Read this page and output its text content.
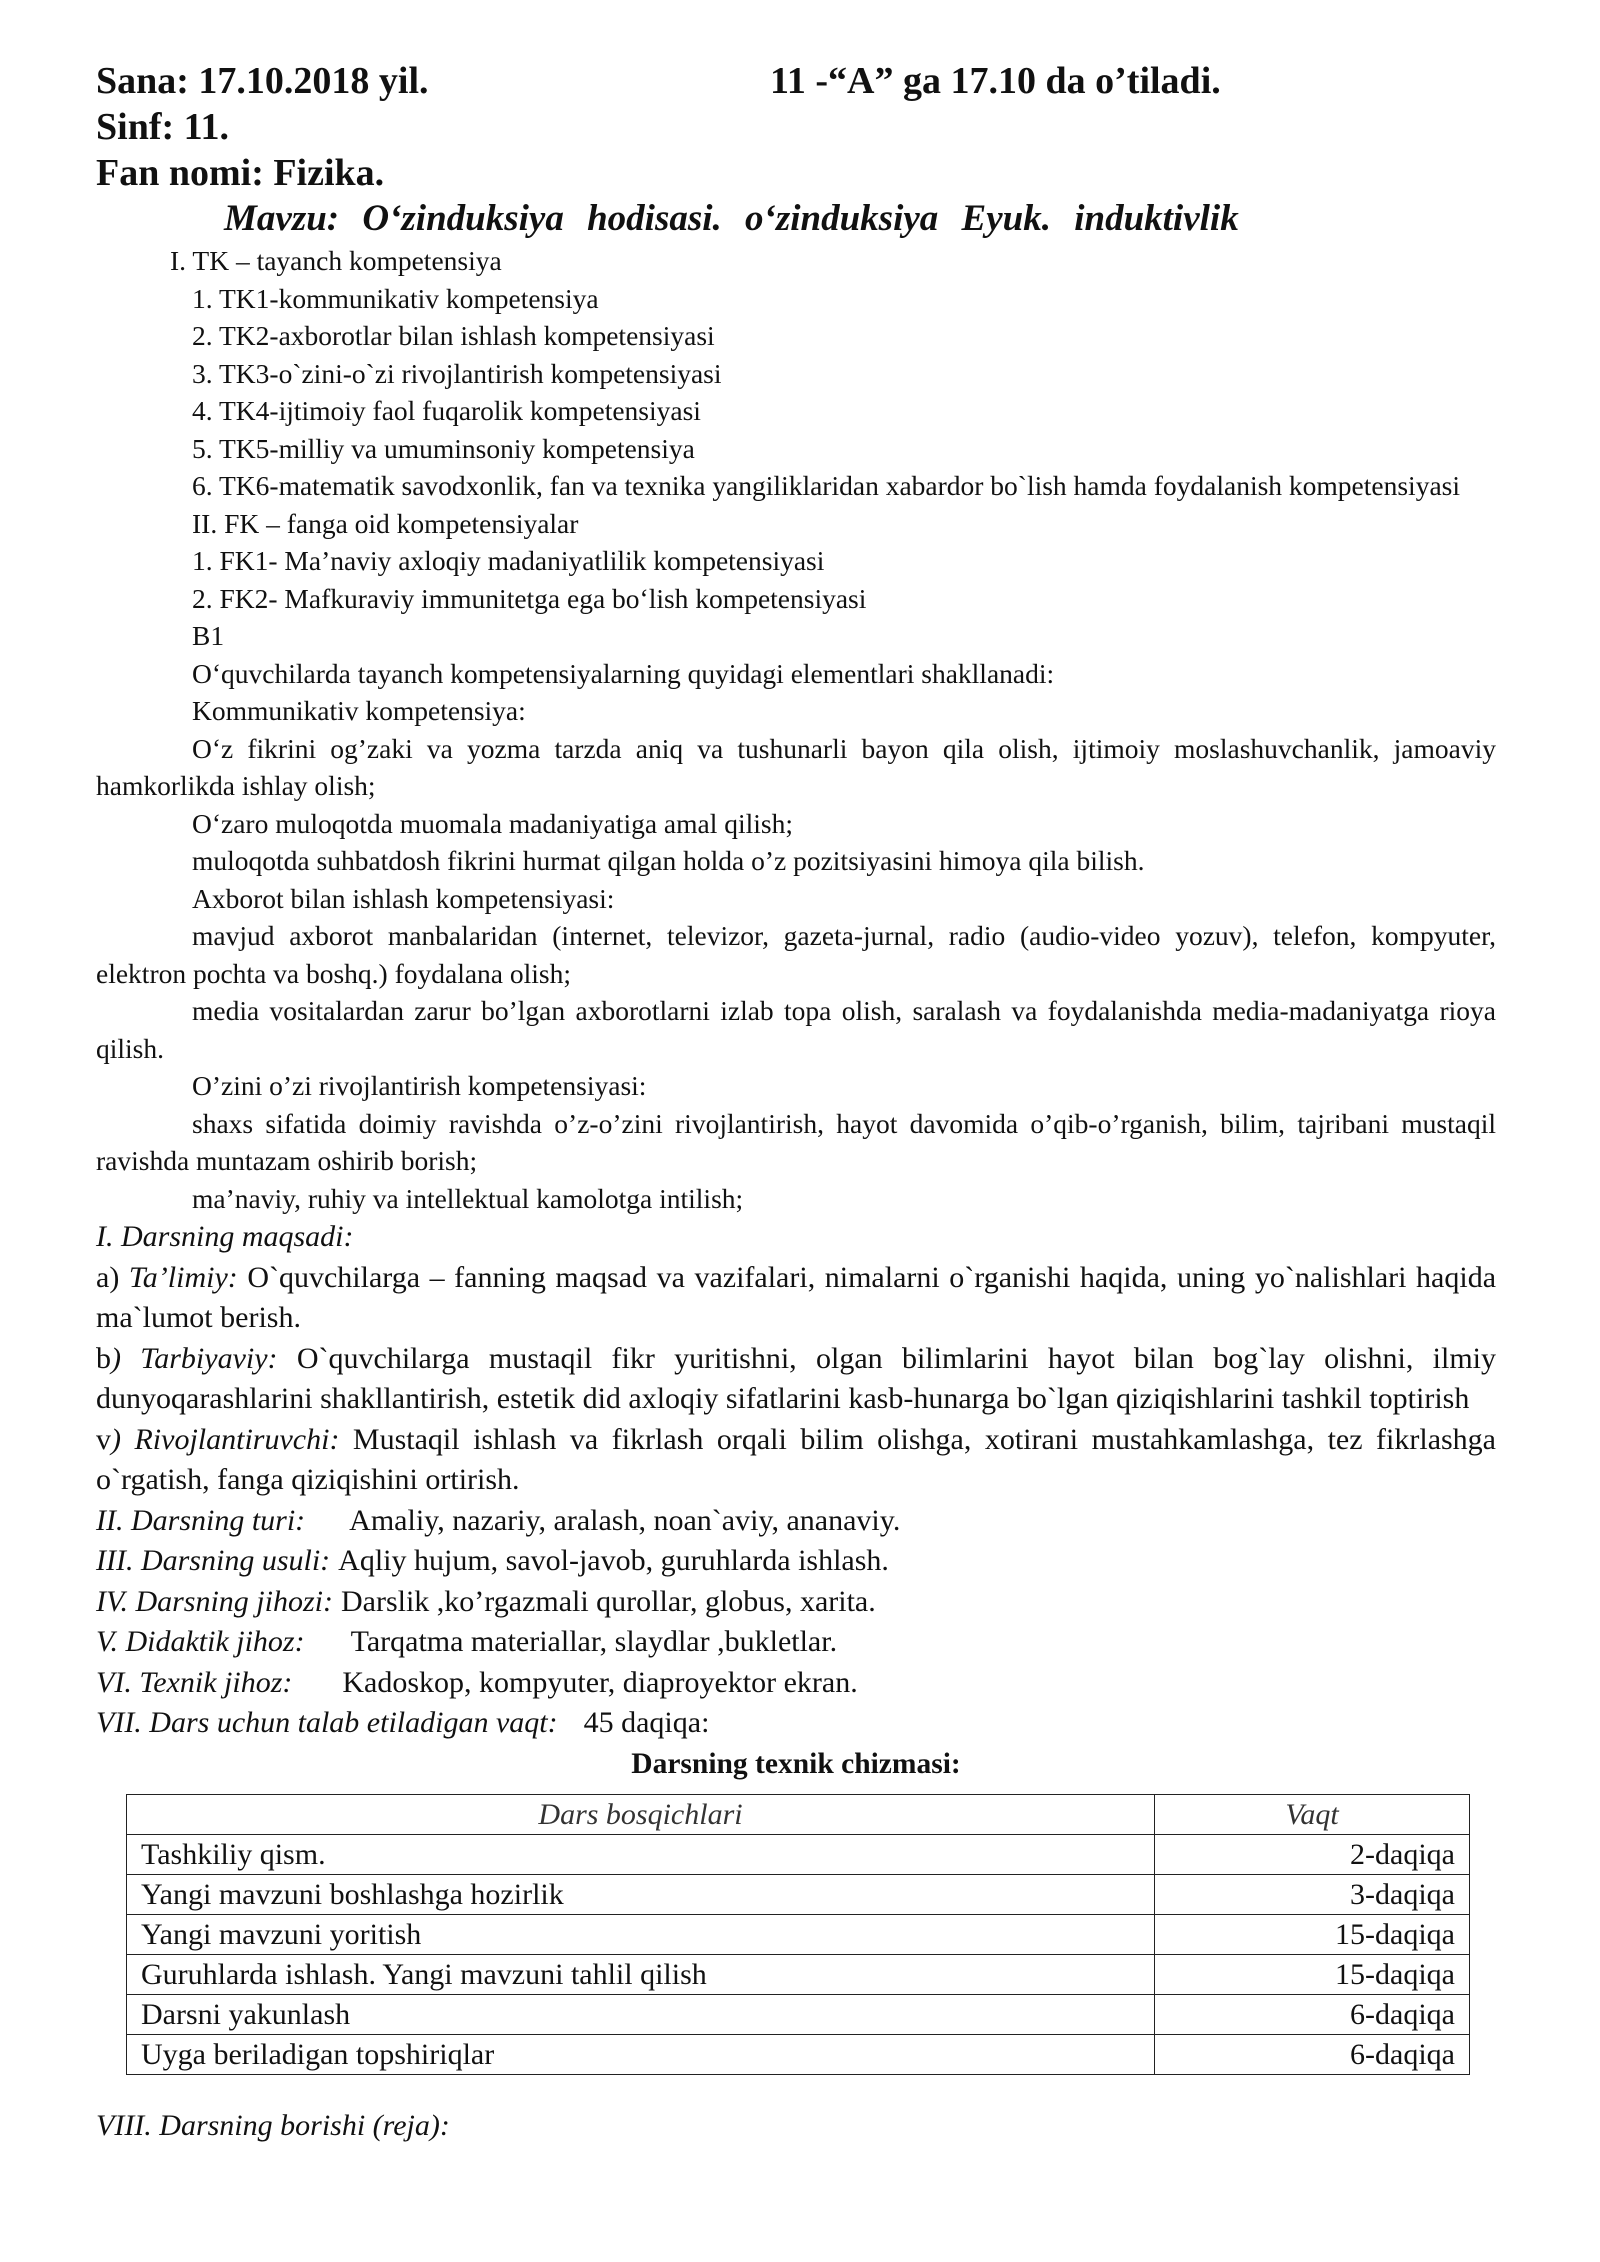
Sana: 17.10.2018 yil.	11 -“A” ga 17.10 da o’tiladi.
Sinf: 11.
Fan nomi: Fizika.
Mavzu: O‘zinduksiya hodisasi. o‘zinduksiya Eyuk. induktivlik

I. TK – tayanch kompetensiya

1. TK1-kommunikativ kompetensiya

2. TK2-axborotlar bilan ishlash kompetensiyasi

3. TK3-o`zini-o`zi rivojlantirish kompetensiyasi

4. TK4-ijtimoiy faol fuqarolik kompetensiyasi

5. TK5-milliy va umuminsoniy kompetensiya

6. TK6-matematik savodxonlik, fan va texnika yangiliklaridan xabardor bo`lish hamda foydalanish kompetensiyasi

II. FK – fanga oid kompetensiyalar

1. FK1- Ma’naviy axloqiy madaniyatlilik kompetensiyasi

2. FK2- Mafkuraviy immunitetga ega bo‘lish kompetensiyasi

B1

O‘quvchilarda tayanch kompetensiyalarning quyidagi elementlari shakllanadi:

Kommunikativ kompetensiya:

O‘z fikrini og’zaki va yozma tarzda aniq va tushunarli bayon qila olish, ijtimoiy moslashuvchanlik, jamoaviy hamkorlikda ishlay olish;

O‘zaro muloqotda muomala madaniyatiga amal qilish;

muloqotda suhbatdosh fikrini hurmat qilgan holda o’z pozitsiyasini himoya qila bilish.

Axborot bilan ishlash kompetensiyasi:

mavjud axborot manbalaridan (internet, televizor, gazeta-jurnal, radio (audio-video yozuv), telefon, kompyuter, elektron pochta va boshq.) foydalana olish;

media vositalardan zarur bo’lgan axborotlarni izlab topa olish, saralash va foydalanishda media-madaniyatga rioya qilish.

O’zini o’zi rivojlantirish kompetensiyasi:

shaxs sifatida doimiy ravishda o’z-o’zini rivojlantirish, hayot davomida o’qib-o’rganish, bilim, tajribani mustaqil ravishda muntazam oshirib borish;

ma’naviy, ruhiy va intellektual kamolotga intilish;

I. Darsning maqsadi:

a) Ta’limiy: O`quvchilarga – fanning maqsad va vazifalari, nimalarni o`rganishi haqida, uning yo`nalishlari haqida ma`lumot berish.

b) Tarbiyaviy: O`quvchilarga mustaqil fikr yuritishni, olgan bilimlarini hayot bilan bog`lay olishni, ilmiy dunyoqarashlarini shakllantirish, estetik did axloqiy sifatlarini kasb-hunarga bo`lgan qiziqishlarini tashkil toptirish

v) Rivojlantiruvchi: Mustaqil ishlash va fikrlash orqali bilim olishga, xotirani mustahkamlashga, tez fikrlashga o`rgatish, fanga qiziqishini ortirish.

II. Darsning turi: Amaliy, nazariy, aralash, noan`aviy, ananaviy.

III. Darsning usuli: Aqliy hujum, savol-javob, guruhlarda ishlash.

IV. Darsning jihozi: Darslik ,ko’rgazmali qurollar, globus, xarita.

V. Didaktik jihoz: Tarqatma materiallar, slaydlar ,bukletlar.

VI. Texnik jihoz: Kadoskop, kompyuter, diaproyektor ekran.

VII. Dars uchun talab etiladigan vaqt: 45 daqiqa:

Darsning texnik chizmasi:

Dars bosqichlari	Vaqt
Tashkiliy qism.	2-daqiqa
Yangi mavzuni boshlashga hozirlik	3-daqiqa
Yangi mavzuni yoritish	15-daqiqa
Guruhlarda ishlash. Yangi mavzuni tahlil qilish	15-daqiqa
Darsni yakunlash	6-daqiqa
Uyga beriladigan topshiriqlar	6-daqiqa

VIII. Darsning borishi (reja):
